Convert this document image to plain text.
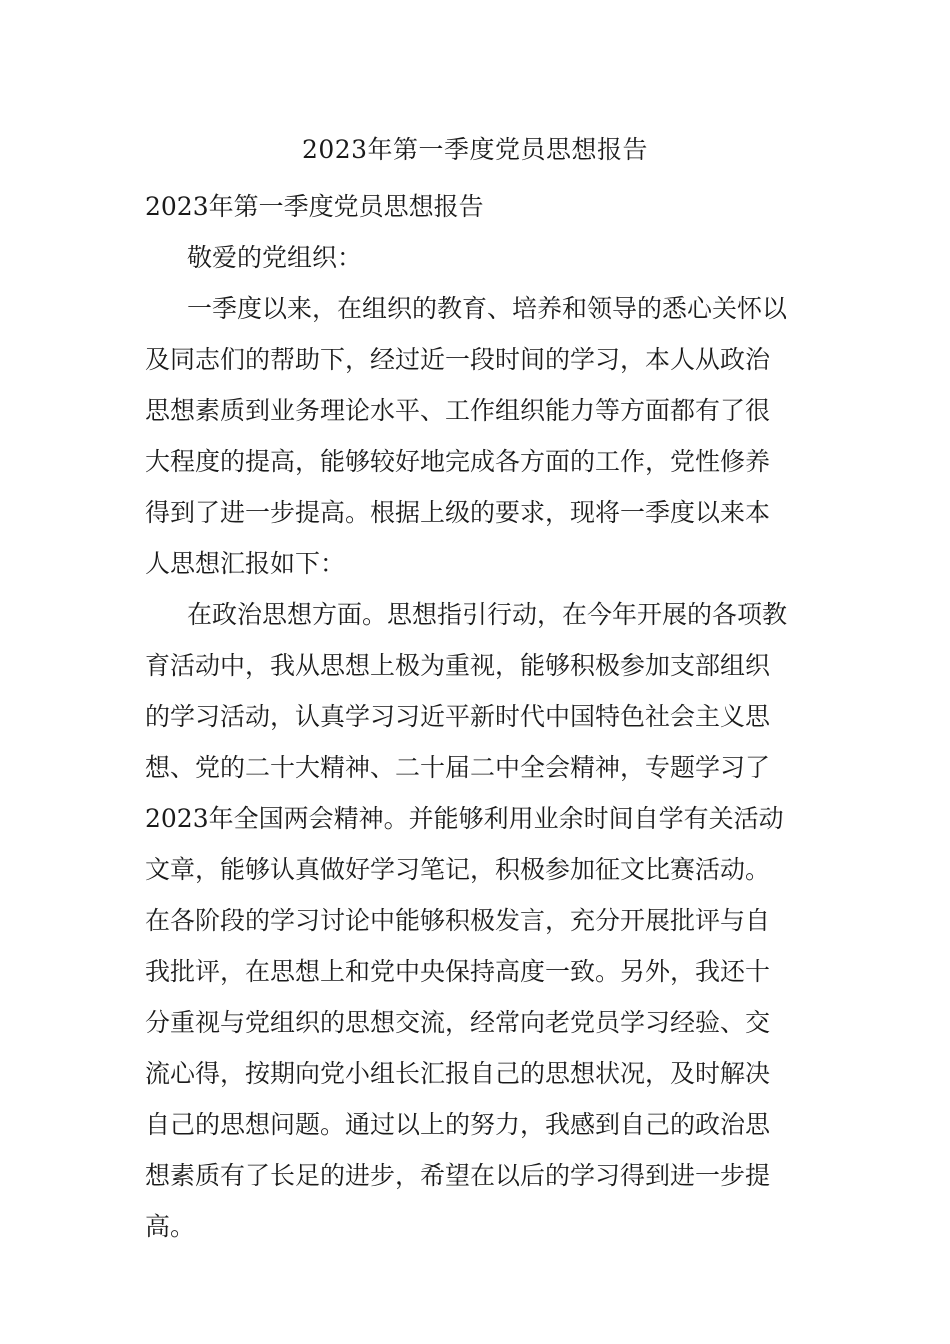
2023年第一季度党员思想报告
2023年第一季度党员思想报告
敬爱的党组织：
一季度以来，在组织的教育、培养和领导的悉心关怀以
及同志们的帮助下，经过近一段时间的学习，本人从政治
思想素质到业务理论水平、工作组织能力等方面都有了很
大程度的提高，能够较好地完成各方面的工作，党性修养
得到了进一步提高。根据上级的要求，现将一季度以来本
人思想汇报如下：
在政治思想方面。思想指引行动，在今年开展的各项教
育活动中，我从思想上极为重视，能够积极参加支部组织
的学习活动，认真学习习近平新时代中国特色社会主义思
想、党的二十大精神、二十届二中全会精神，专题学习了
2023年全国两会精神。并能够利用业余时间自学有关活动
文章，能够认真做好学习笔记，积极参加征文比赛活动。
在各阶段的学习讨论中能够积极发言，充分开展批评与自
我批评，在思想上和党中央保持高度一致。另外，我还十
分重视与党组织的思想交流，经常向老党员学习经验、交
流心得，按期向党小组长汇报自己的思想状况，及时解决
自己的思想问题。通过以上的努力，我感到自己的政治思
想素质有了长足的进步，希望在以后的学习得到进一步提
高。
